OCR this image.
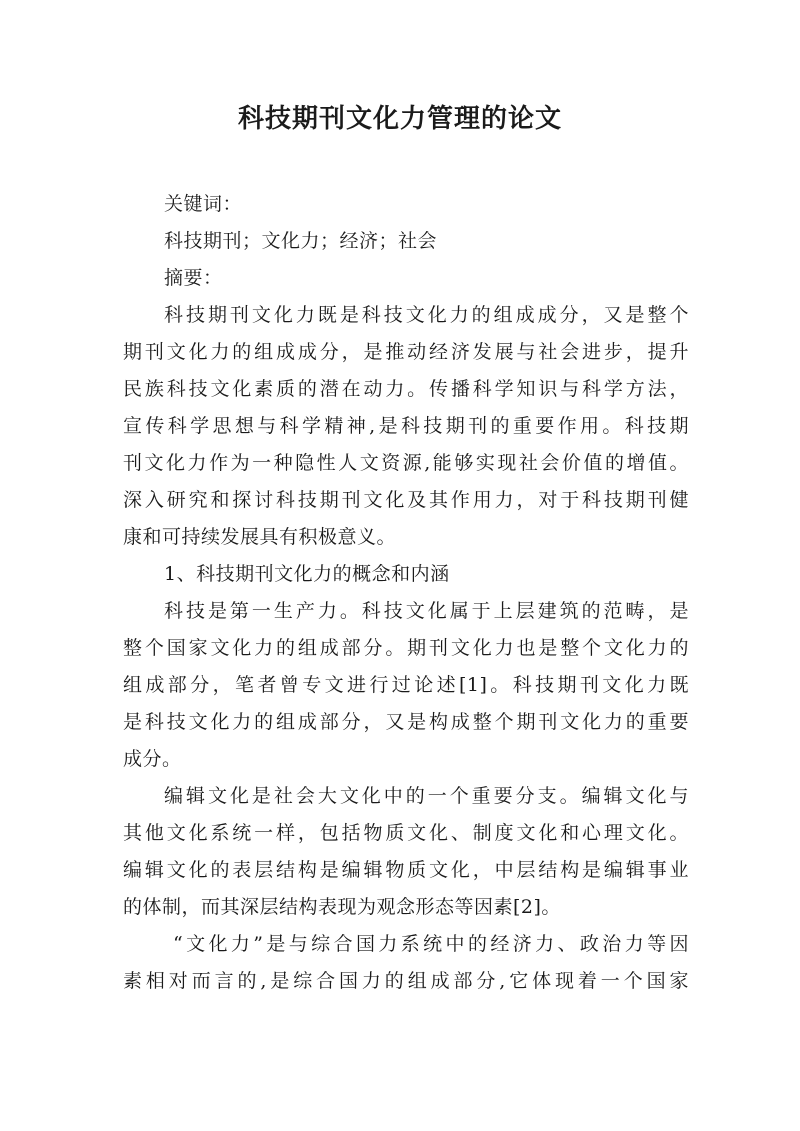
科技期刊文化力管理的论文

关键词：

科技期刊；文化力；经济；社会

摘要：

科技期刊文化力既是科技文化力的组成成分，又是整个

期刊文化力的组成成分，是推动经济发展与社会进步，提升

民族科技文化素质的潜在动力。传播科学知识与科学方法，

宣传科学思想与科学精神,是科技期刊的重要作用。科技期

刊文化力作为一种隐性人文资源,能够实现社会价值的增值。

深入研究和探讨科技期刊文化及其作用力，对于科技期刊健

康和可持续发展具有积极意义。

1、科技期刊文化力的概念和内涵

科技是第一生产力。科技文化属于上层建筑的范畴，是

整个国家文化力的组成部分。期刊文化力也是整个文化力的

组成部分，笔者曾专文进行过论述[1]。科技期刊文化力既

是科技文化力的组成部分，又是构成整个期刊文化力的重要

成分。

编辑文化是社会大文化中的一个重要分支。编辑文化与

其他文化系统一样，包括物质文化、制度文化和心理文化。

编辑文化的表层结构是编辑物质文化，中层结构是编辑事业

的体制，而其深层结构表现为观念形态等因素[2]。

“文化力”是与综合国力系统中的经济力、政治力等因

素相对而言的,是综合国力的组成部分,它体现着一个国家
